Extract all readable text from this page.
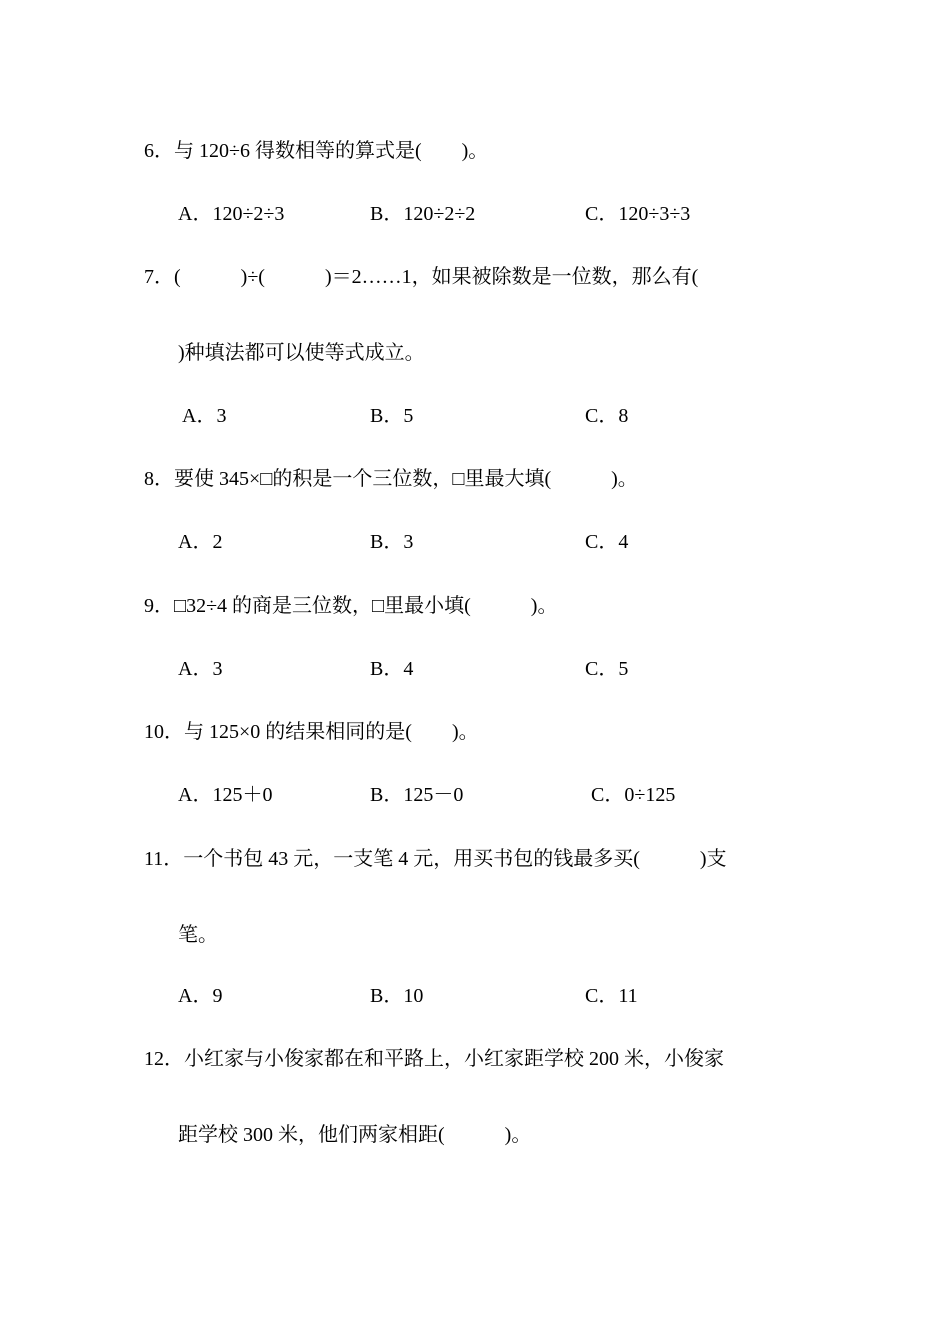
6．与 120÷6 得数相等的算式是(        )。
A．120÷2÷3	B．120÷2÷2	C．120÷3÷3
7．(            )÷(            )＝2……1，如果被除数是一位数，那么有(
)种填法都可以使等式成立。
A．3	B．5	C．8
8．要使 345×□的积是一个三位数，□里最大填(            )。
A．2	B．3	C．4
9．□32÷4 的商是三位数，□里最小填(            )。
A．3	B．4	C．5
10．与 125×0 的结果相同的是(        )。
A．125＋0	B．125－0	C．0÷125
11．一个书包 43 元，一支笔 4 元，用买书包的钱最多买(            )支
笔。
A．9	B．10	C．11
12．小红家与小俊家都在和平路上，小红家距学校 200 米，小俊家
距学校 300 米，他们两家相距(            )。
